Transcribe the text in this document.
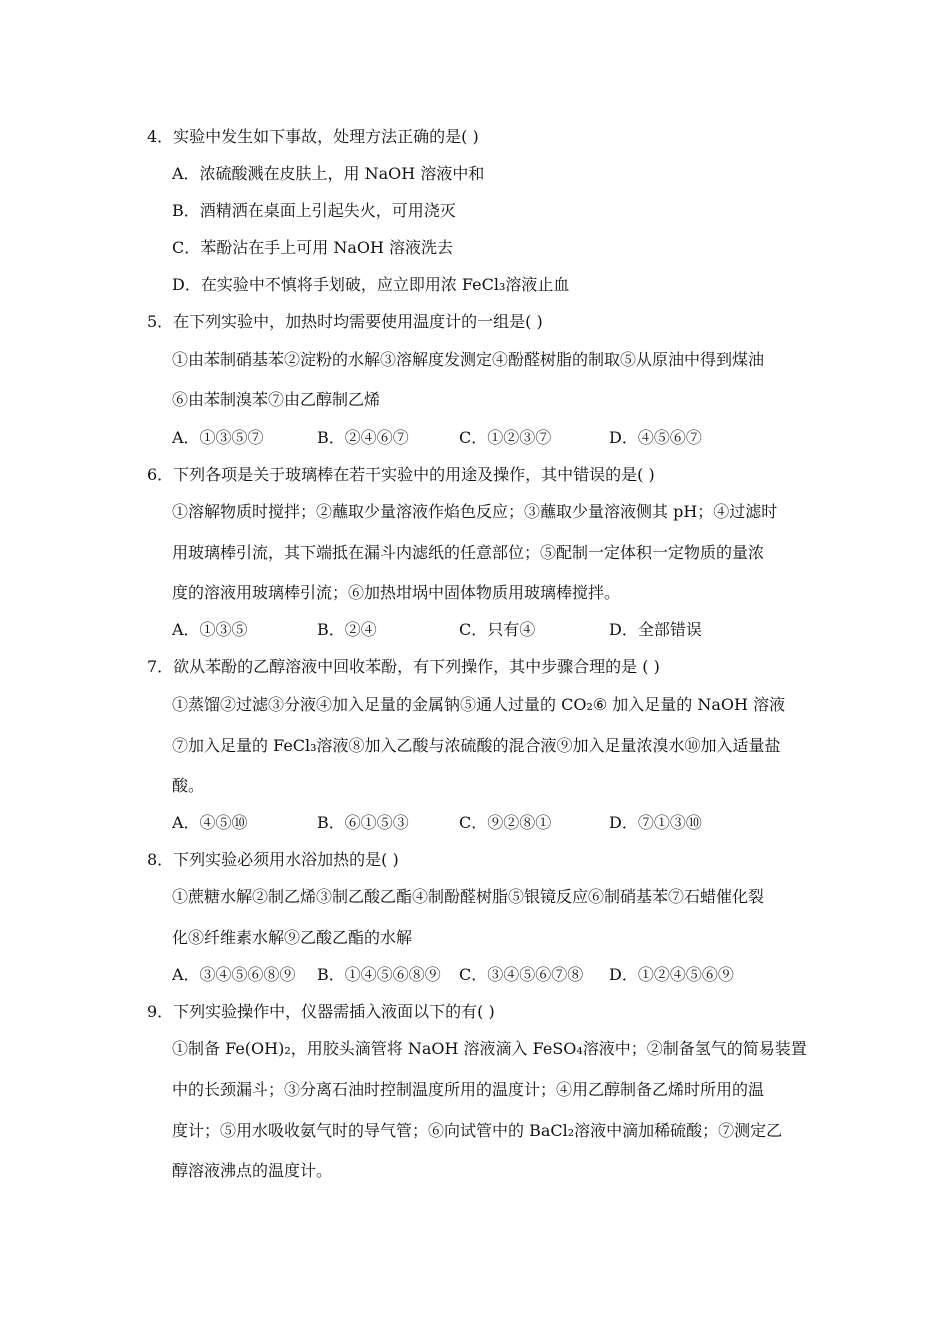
4．实验中发生如下事故，处理方法正确的是( )
A．浓硫酸溅在皮肤上，用 NaOH 溶液中和
B．酒精洒在桌面上引起失火，可用浇灭
C．苯酚沾在手上可用 NaOH 溶液洗去
D．在实验中不慎将手划破，应立即用浓 FeCl₃溶液止血
5．在下列实验中，加热时均需要使用温度计的一组是( )
①由苯制硝基苯②淀粉的水解③溶解度发测定④酚醛树脂的制取⑤从原油中得到煤油
⑥由苯制溴苯⑦由乙醇制乙烯
A．①③⑤⑦	B．②④⑥⑦	C．①②③⑦	D．④⑤⑥⑦
6．下列各项是关于玻璃棒在若干实验中的用途及操作，其中错误的是( )
①溶解物质时搅拌；②蘸取少量溶液作焰色反应；③蘸取少量溶液侧其 pH；④过滤时
用玻璃棒引流，其下端抵在漏斗内滤纸的任意部位；⑤配制一定体积一定物质的量浓
度的溶液用玻璃棒引流；⑥加热坩埚中固体物质用玻璃棒搅拌。
A．①③⑤	B．②④	C．只有④	D．全部错误
7．欲从苯酚的乙醇溶液中回收苯酚，有下列操作，其中步骤合理的是 ( )
①蒸馏②过滤③分液④加入足量的金属钠⑤通人过量的 CO₂⑥ 加入足量的 NaOH 溶液
⑦加入足量的 FeCl₃溶液⑧加入乙酸与浓硫酸的混合液⑨加入足量浓溴水⑩加入适量盐
酸。
A．④⑤⑩	B．⑥①⑤③	C．⑨②⑧①	D．⑦①③⑩
8．下列实验必须用水浴加热的是( )
①蔗糖水解②制乙烯③制乙酸乙酯④制酚醛树脂⑤银镜反应⑥制硝基苯⑦石蜡催化裂
化⑧纤维素水解⑨乙酸乙酯的水解
A．③④⑤⑥⑧⑨ B．①④⑤⑥⑧⑨ C．③④⑤⑥⑦⑧ D．①②④⑤⑥⑨
9．下列实验操作中，仪器需插入液面以下的有( )
①制备 Fe(OH)₂，用胶头滴管将 NaOH 溶液滴入 FeSO₄溶液中；②制备氢气的简易装置
中的长颈漏斗；③分离石油时控制温度所用的温度计；④用乙醇制备乙烯时所用的温
度计；⑤用水吸收氨气时的导气管；⑥向试管中的 BaCl₂溶液中滴加稀硫酸；⑦测定乙
醇溶液沸点的温度计。
